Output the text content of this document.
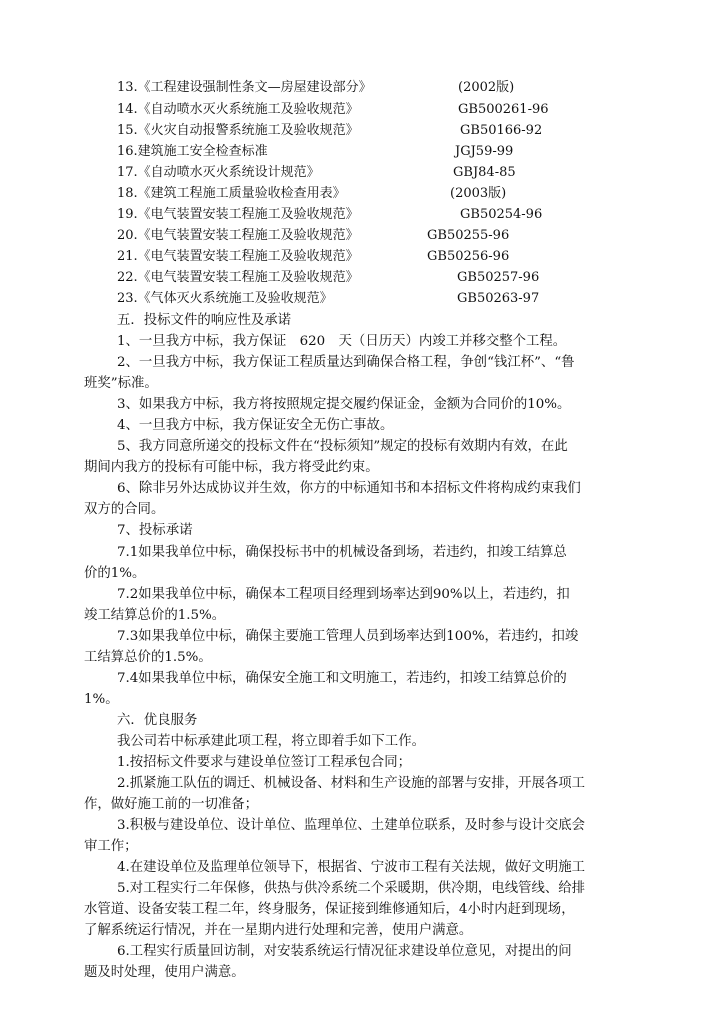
13.《工程建设强制性条文—房屋建设部分》	(2002版)
14.《自动喷水灭火系统施工及验收规范》	GB500261-96
15.《火灾自动报警系统施工及验收规范》	GB50166-92
16.建筑施工安全检查标准	JGJ59-99
17.《自动喷水灭火系统设计规范》	GBJ84-85
18.《建筑工程施工质量验收检查用表》	(2003版)
19.《电气装置安装工程施工及验收规范》	GB50254-96
20.《电气装置安装工程施工及验收规范》	GB50255-96
21.《电气装置安装工程施工及验收规范》	GB50256-96
22.《电气装置安装工程施工及验收规范》	GB50257-96
23.《气体灭火系统施工及验收规范》	GB50263-97
五．投标文件的响应性及承诺
1、一旦我方中标，我方保证　620　天（日历天）内竣工并移交整个工程。
2、一旦我方中标，我方保证工程质量达到确保合格工程，争创“钱江杯”、“鲁
班奖”标准。
3、如果我方中标，我方将按照规定提交履约保证金，金额为合同价的10%。
4、一旦我方中标，我方保证安全无伤亡事故。
5、我方同意所递交的投标文件在“投标须知”规定的投标有效期内有效，在此
期间内我方的投标有可能中标，我方将受此约束。
6、除非另外达成协议并生效，你方的中标通知书和本招标文件将构成约束我们
双方的合同。
7、投标承诺
7.1如果我单位中标，确保投标书中的机械设备到场，若违约，扣竣工结算总
价的1%。
7.2如果我单位中标，确保本工程项目经理到场率达到90%以上，若违约，扣
竣工结算总价的1.5%。
7.3如果我单位中标，确保主要施工管理人员到场率达到100%，若违约，扣竣
工结算总价的1.5%。
7.4如果我单位中标，确保安全施工和文明施工，若违约，扣竣工结算总价的
1%。
六．优良服务
我公司若中标承建此项工程，将立即着手如下工作。
1.按招标文件要求与建设单位签订工程承包合同；
2.抓紧施工队伍的调迁、机械设备、材料和生产设施的部署与安排，开展各项工
作，做好施工前的一切准备；
3.积极与建设单位、设计单位、监理单位、土建单位联系，及时参与设计交底会
审工作；
4.在建设单位及监理单位领导下，根据省、宁波市工程有关法规，做好文明施工
5.对工程实行二年保修，供热与供冷系统二个采暖期，供冷期，电线管线、给排
水管道、设备安装工程二年，终身服务，保证接到维修通知后，4小时内赶到现场，
了解系统运行情况，并在一星期内进行处理和完善，使用户满意。
6.工程实行质量回访制，对安装系统运行情况征求建设单位意见，对提出的问
题及时处理，使用户满意。
